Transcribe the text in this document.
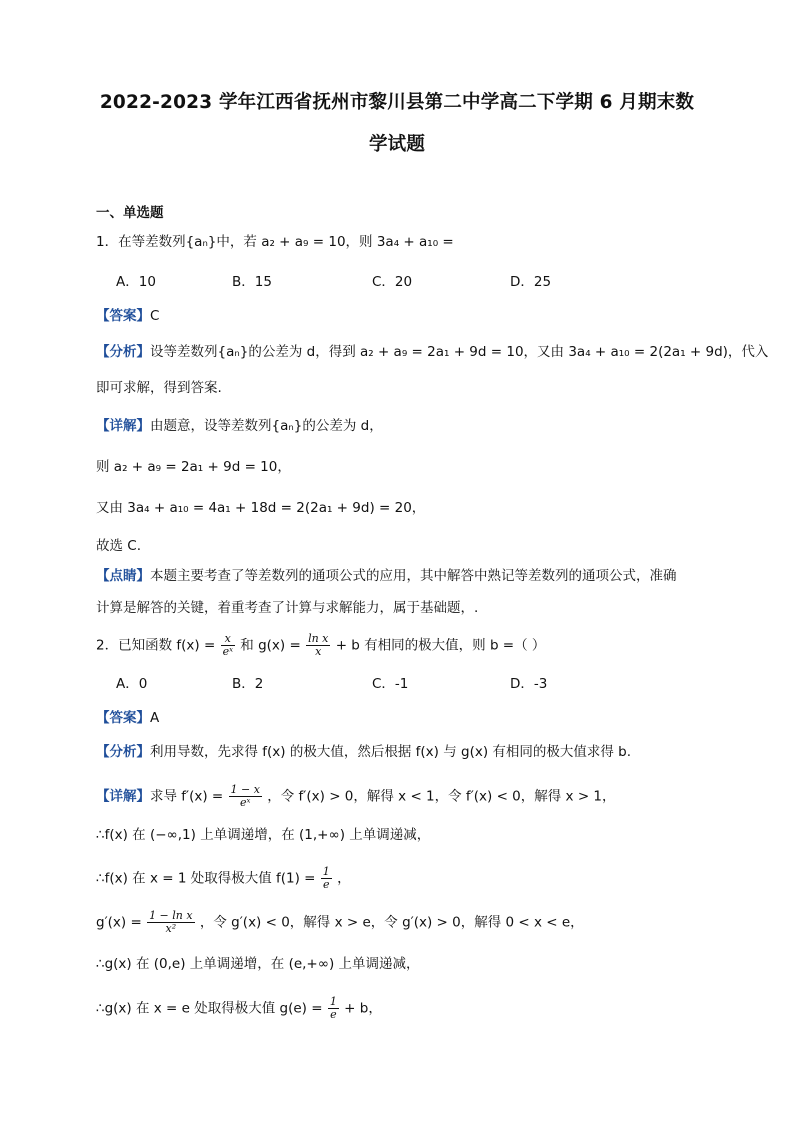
2022-2023 学年江西省抚州市黎川县第二中学高二下学期 6 月期末数
学试题
一、单选题
1．在等差数列{aₙ}中，若 a₂ + a₉ = 10，则 3a₄ + a₁₀ =
A．10	B．15	C．20	D．25
【答案】C
【分析】设等差数列{aₙ}的公差为 d，得到 a₂ + a₉ = 2a₁ + 9d = 10，又由 3a₄ + a₁₀ = 2(2a₁ + 9d)，代入
即可求解，得到答案.
【详解】由题意，设等差数列{aₙ}的公差为 d，
则 a₂ + a₉ = 2a₁ + 9d = 10，
又由 3a₄ + a₁₀ = 4a₁ + 18d = 2(2a₁ + 9d) = 20，
故选 C.
【点睛】本题主要考查了等差数列的通项公式的应用，其中解答中熟记等差数列的通项公式，准确
计算是解答的关键，着重考查了计算与求解能力，属于基础题，.
2．已知函数 $f(x) = \frac{x}{\text{eˣ}}$ 和 $g(x) = \frac{\text{ln x}}{x} + b$ 有相同的极大值，则 b =（ ）
A．0	B．2	C．-1	D．-3
【答案】A
【分析】利用导数，先求得 f(x) 的极大值，然后根据 f(x) 与 g(x) 有相同的极大值求得 b.
【详解】求导 $f'(x) = \frac{1 - x}{\text{eˣ}}$ ，令 f′(x) > 0，解得 x < 1，令 f′(x) < 0，解得 x > 1，
∴f(x) 在 (−∞,1) 上单调递增，在 (1,+∞) 上单调递减，
∴f(x) 在 x = 1 处取得极大值 $f(1) = \frac{1}{e}$ ，
$g'(x) = \frac{\text{1 − ln x}}{\text{x²}}$ ，令 g′(x) < 0，解得 x > e，令 g′(x) > 0，解得 0 < x < e，
∴g(x) 在 (0,e) 上单调递增，在 (e,+∞) 上单调递减，
∴g(x) 在 x = e 处取得极大值 $g(e) = \frac{1}{e} + b$，
